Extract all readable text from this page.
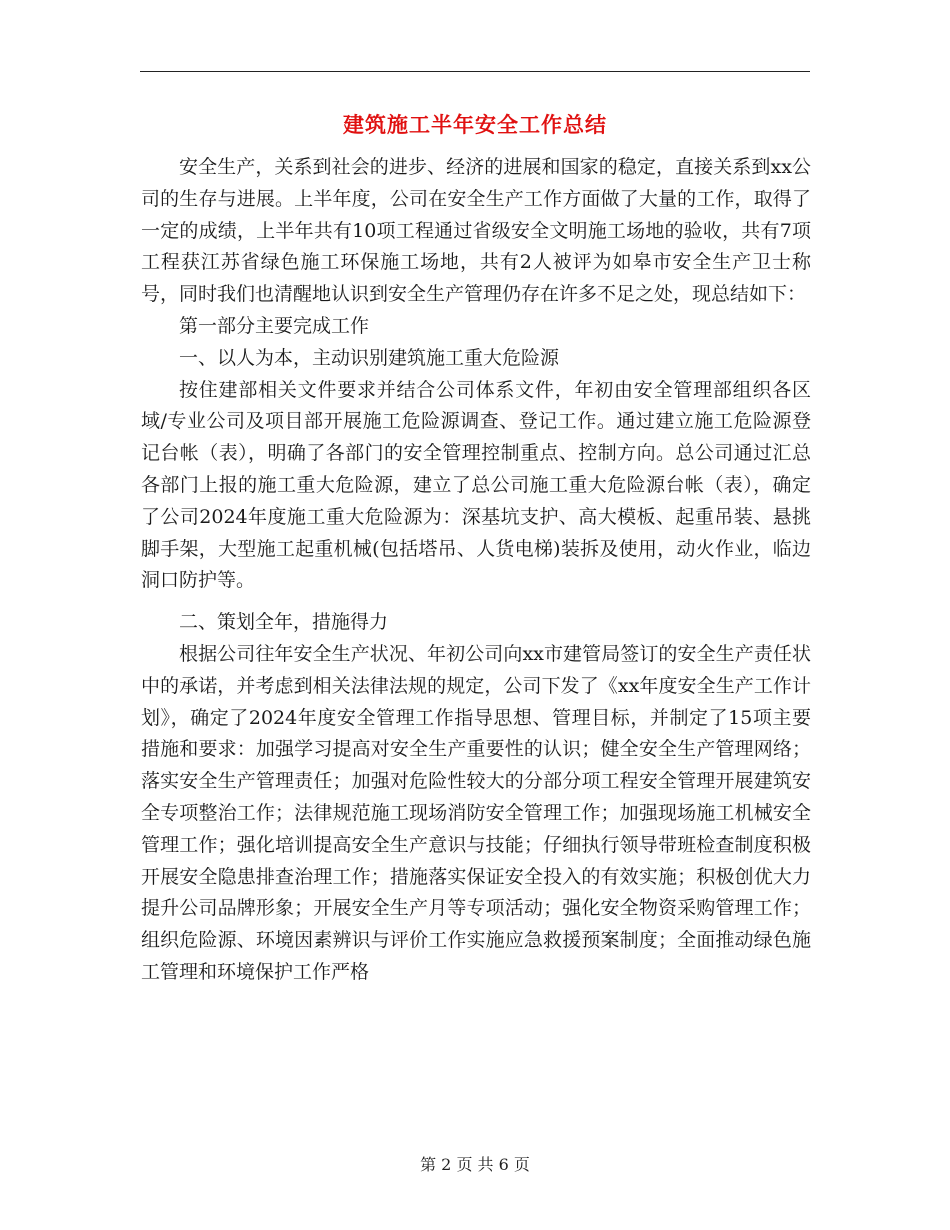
建筑施工半年安全工作总结

安全生产，关系到社会的进步、经济的进展和国家的稳定，直接关系到xx公司的生存与进展。上半年度，公司在安全生产工作方面做了大量的工作，取得了一定的成绩，上半年共有10项工程通过省级安全文明施工场地的验收，共有7项工程获江苏省绿色施工环保施工场地，共有2人被评为如皋市安全生产卫士称号，同时我们也清醒地认识到安全生产管理仍存在许多不足之处，现总结如下：

第一部分主要完成工作

一、以人为本，主动识别建筑施工重大危险源

按住建部相关文件要求并结合公司体系文件，年初由安全管理部组织各区域/专业公司及项目部开展施工危险源调查、登记工作。通过建立施工危险源登记台帐（表），明确了各部门的安全管理控制重点、控制方向。总公司通过汇总各部门上报的施工重大危险源，建立了总公司施工重大危险源台帐（表），确定了公司2024年度施工重大危险源为：深基坑支护、高大模板、起重吊装、悬挑脚手架，大型施工起重机械(包括塔吊、人货电梯)装拆及使用，动火作业，临边洞口防护等。

二、策划全年，措施得力

根据公司往年安全生产状况、年初公司向xx市建管局签订的安全生产责任状中的承诺，并考虑到相关法律法规的规定，公司下发了《xx年度安全生产工作计划》，确定了2024年度安全管理工作指导思想、管理目标，并制定了15项主要措施和要求：加强学习提高对安全生产重要性的认识；健全安全生产管理网络；落实安全生产管理责任；加强对危险性较大的分部分项工程安全管理开展建筑安全专项整治工作；法律规范施工现场消防安全管理工作；加强现场施工机械安全管理工作；强化培训提高安全生产意识与技能；仔细执行领导带班检查制度积极开展安全隐患排查治理工作；措施落实保证安全投入的有效实施；积极创优大力提升公司品牌形象；开展安全生产月等专项活动；强化安全物资采购管理工作；组织危险源、环境因素辨识与评价工作实施应急救援预案制度；全面推动绿色施工管理和环境保护工作严格

第 2 页 共 6 页
